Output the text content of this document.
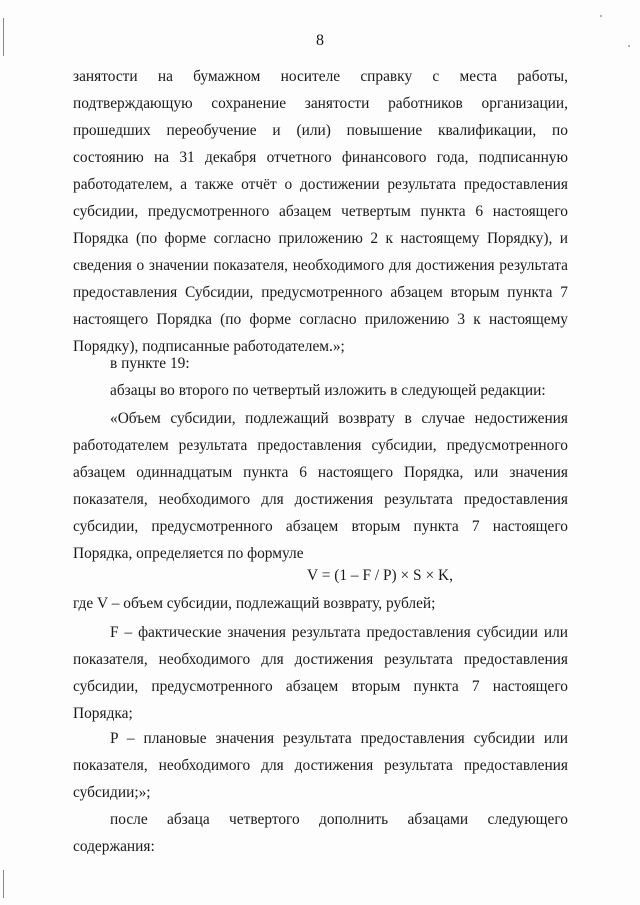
8
занятости на бумажном носителе справку с места работы,
подтверждающую сохранение занятости работников организации,
прошедших переобучение и (или) повышение квалификации, по
состоянию на 31 декабря отчетного финансового года, подписанную
работодателем, а также отчёт о достижении результата предоставления
субсидии, предусмотренного абзацем четвертым пункта 6 настоящего
Порядка (по форме согласно приложению 2 к настоящему Порядку), и
сведения о значении показателя, необходимого для достижения результата
предоставления Субсидии, предусмотренного абзацем вторым пункта 7
настоящего Порядка (по форме согласно приложению 3 к настоящему
Порядку), подписанные работодателем.»;
в пункте 19:
абзацы во второго по четвертый изложить в следующей редакции:
«Объем субсидии, подлежащий возврату в случае недостижения
работодателем результата предоставления субсидии, предусмотренного
абзацем одиннадцатым пункта 6 настоящего Порядка, или значения
показателя, необходимого для достижения результата предоставления
субсидии, предусмотренного абзацем вторым пункта 7 настоящего
Порядка, определяется по формуле
V = (1 – F / P) × S × K,
где V – объем субсидии, подлежащий возврату, рублей;
F – фактические значения результата предоставления субсидии или
показателя, необходимого для достижения результата предоставления
субсидии, предусмотренного абзацем вторым пункта 7 настоящего
Порядка;
P – плановые значения результата предоставления субсидии или
показателя, необходимого для достижения результата предоставления
субсидии;»;
после абзаца четвертого дополнить абзацами следующего
содержания:
